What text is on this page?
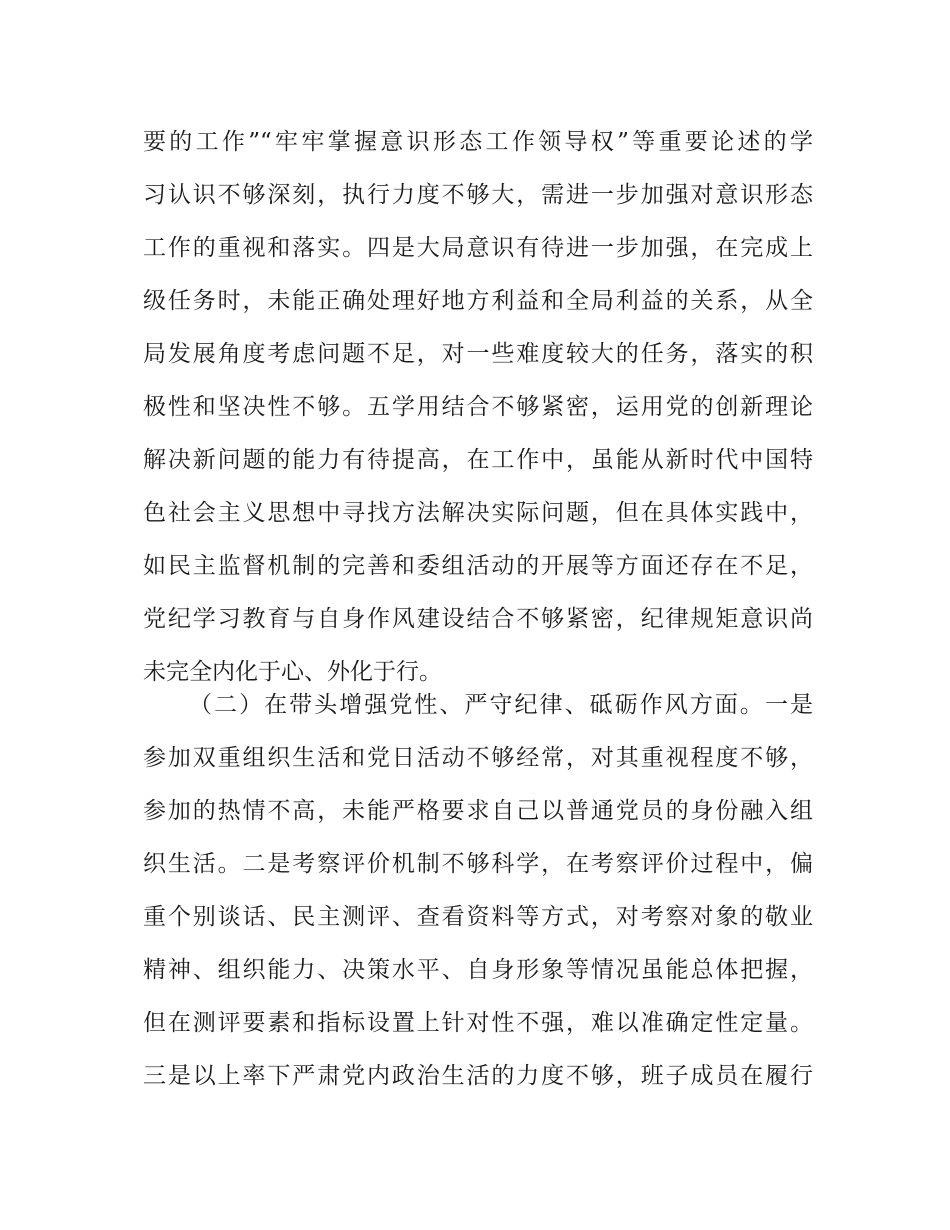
要的工作”“牢牢掌握意识形态工作领导权”等重要论述的学
习认识不够深刻，执行力度不够大，需进一步加强对意识形态
工作的重视和落实。四是大局意识有待进一步加强，在完成上
级任务时，未能正确处理好地方利益和全局利益的关系，从全
局发展角度考虑问题不足，对一些难度较大的任务，落实的积
极性和坚决性不够。五学用结合不够紧密，运用党的创新理论
解决新问题的能力有待提高，在工作中，虽能从新时代中国特
色社会主义思想中寻找方法解决实际问题，但在具体实践中，
如民主监督机制的完善和委组活动的开展等方面还存在不足，
党纪学习教育与自身作风建设结合不够紧密，纪律规矩意识尚
未完全内化于心、外化于行。
（二）在带头增强党性、严守纪律、砥砺作风方面。一是
参加双重组织生活和党日活动不够经常，对其重视程度不够，
参加的热情不高，未能严格要求自己以普通党员的身份融入组
织生活。二是考察评价机制不够科学，在考察评价过程中，偏
重个别谈话、民主测评、查看资料等方式，对考察对象的敬业
精神、组织能力、决策水平、自身形象等情况虽能总体把握，
但在测评要素和指标设置上针对性不强，难以准确定性定量。
三是以上率下严肃党内政治生活的力度不够，班子成员在履行
